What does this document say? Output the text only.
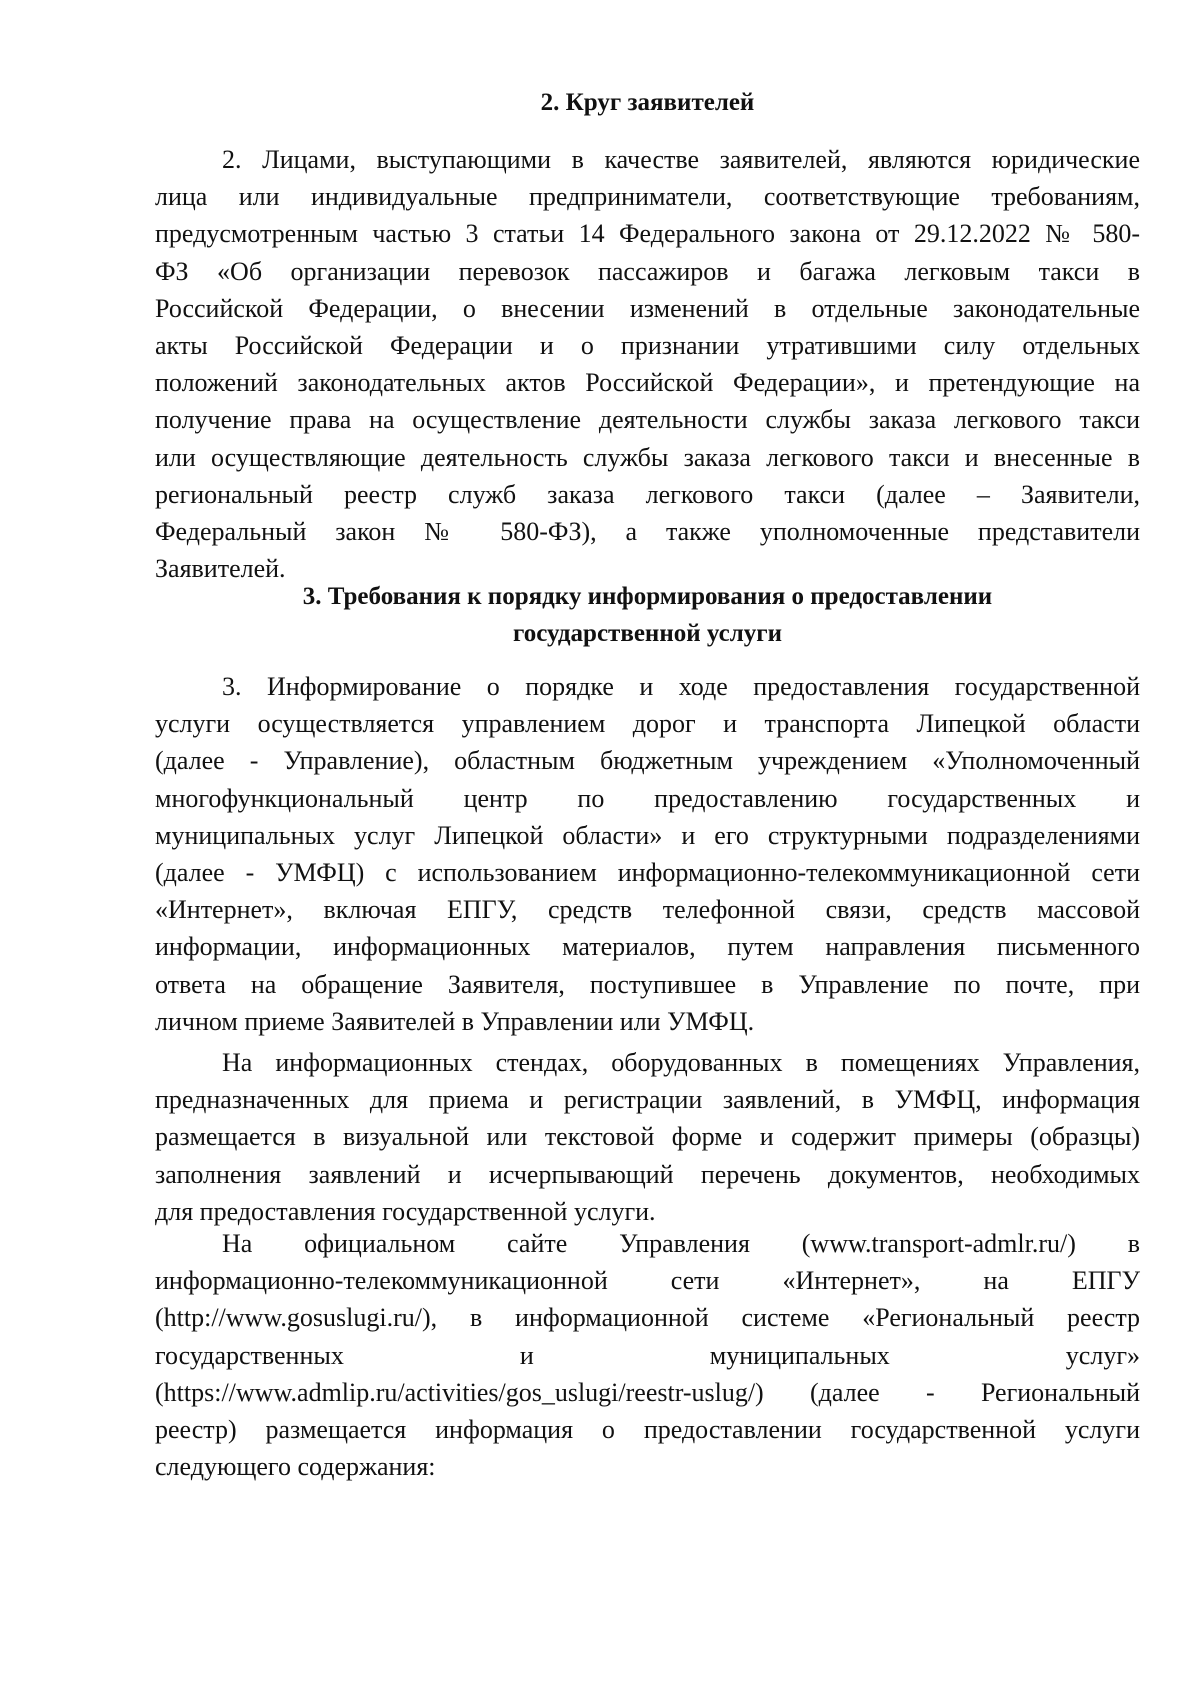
2. Круг заявителей
2. Лицами, выступающими в качестве заявителей, являются юридические
лица или индивидуальные предприниматели, соответствующие требованиям,
предусмотренным частью 3 статьи 14 Федерального закона от 29.12.2022 № 580-
ФЗ «Об организации перевозок пассажиров и багажа легковым такси в
Российской Федерации, о внесении изменений в отдельные законодательные
акты Российской Федерации и о признании утратившими силу отдельных
положений законодательных актов Российской Федерации», и претендующие на
получение права на осуществление деятельности службы заказа легкового такси
или осуществляющие деятельность службы заказа легкового такси и внесенные в
региональный реестр служб заказа легкового такси (далее – Заявители,
Федеральный закон № 580-ФЗ), а также уполномоченные представители
Заявителей.
3. Требования к порядку информирования о предоставлении
государственной услуги
3. Информирование о порядке и ходе предоставления государственной
услуги осуществляется управлением дорог и транспорта Липецкой области
(далее - Управление), областным бюджетным учреждением «Уполномоченный
многофункциональный центр по предоставлению государственных и
муниципальных услуг Липецкой области» и его структурными подразделениями
(далее - УМФЦ) с использованием информационно-телекоммуникационной сети
«Интернет», включая ЕПГУ, средств телефонной связи, средств массовой
информации, информационных материалов, путем направления письменного
ответа на обращение Заявителя, поступившее в Управление по почте, при
личном приеме Заявителей в Управлении или УМФЦ.
На информационных стендах, оборудованных в помещениях Управления,
предназначенных для приема и регистрации заявлений, в УМФЦ, информация
размещается в визуальной или текстовой форме и содержит примеры (образцы)
заполнения заявлений и исчерпывающий перечень документов, необходимых
для предоставления государственной услуги.
На официальном сайте Управления (www.transport-admlr.ru/) в
информационно-телекоммуникационной сети «Интернет», на ЕПГУ
(http://www.gosuslugi.ru/), в информационной системе «Региональный реестр
государственных и муниципальных услуг»
(https://www.admlip.ru/activities/gos_uslugi/reestr-uslug/) (далее - Региональный
реестр) размещается информация о предоставлении государственной услуги
следующего содержания:
